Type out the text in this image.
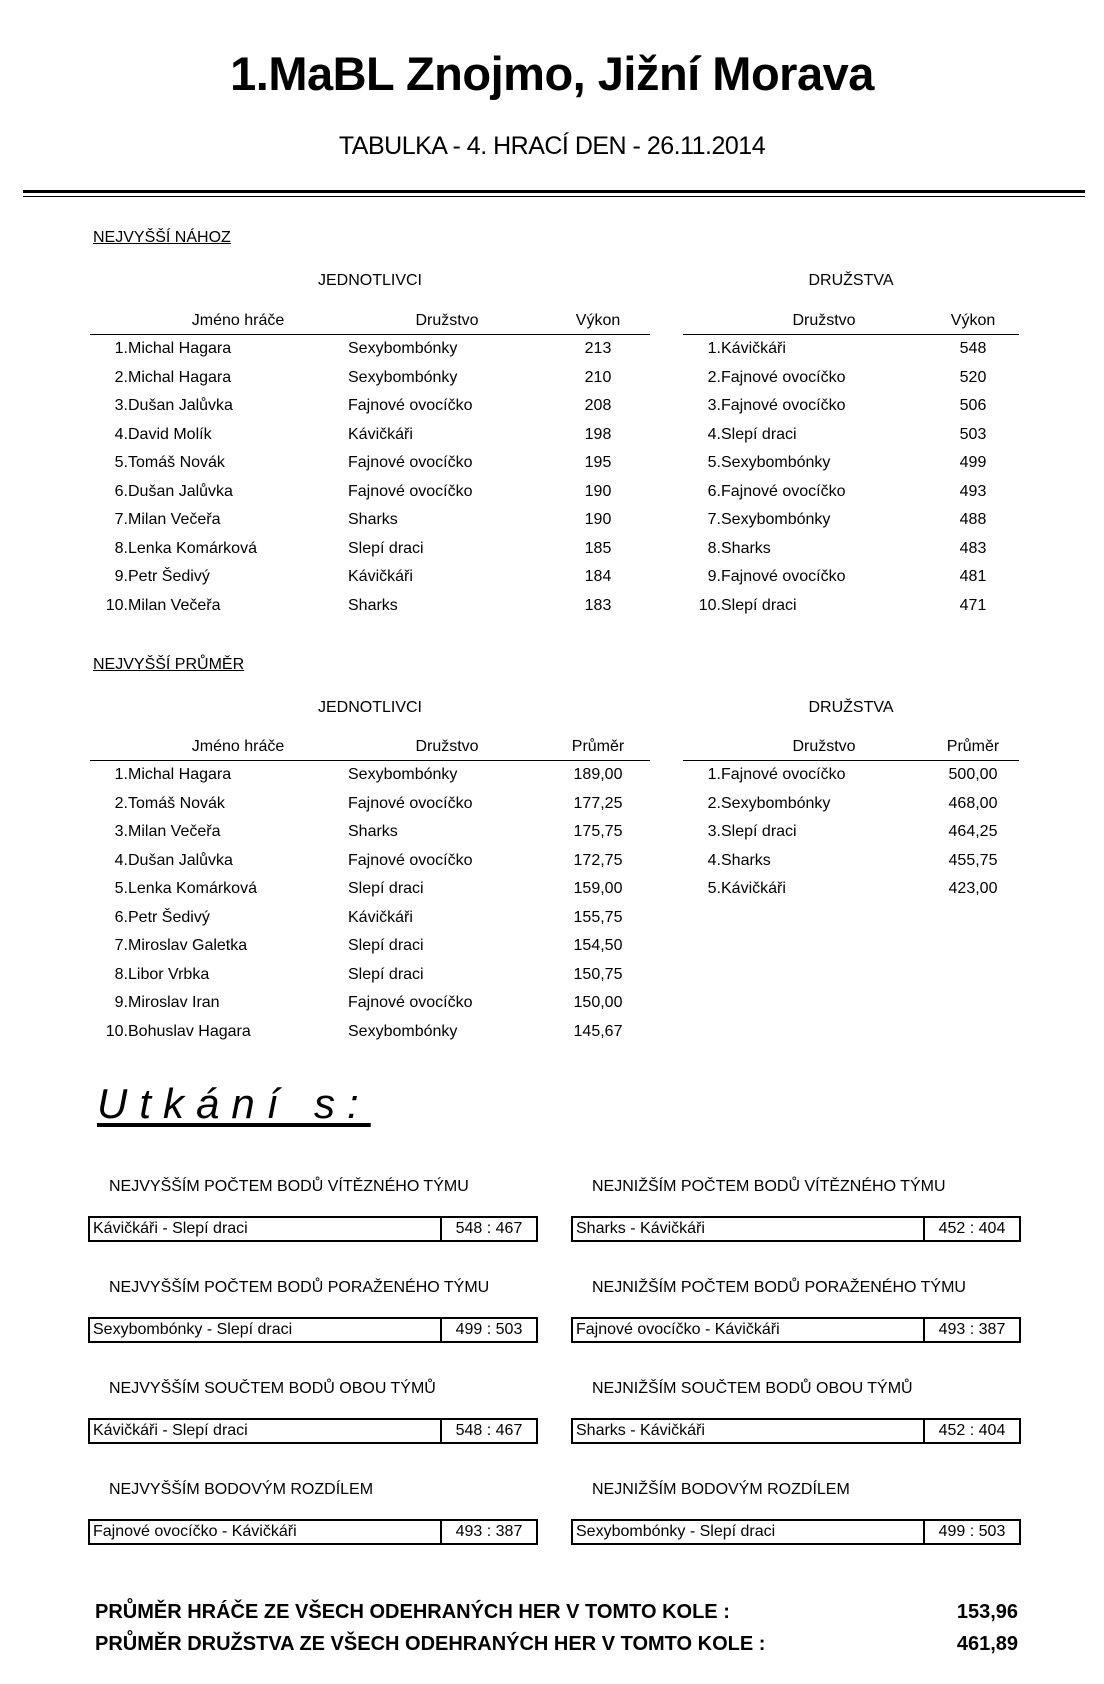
1.MaBL Znojmo, Jižní Morava
TABULKA - 4. HRACÍ DEN - 26.11.2014
NEJVYŠŠÍ NÁHOZ
JEDNOTLIVCI	DRUŽSTVA
	Jméno hráče	Družstvo	Výkon
1.	Michal Hagara	Sexybombónky	213
2.	Michal Hagara	Sexybombónky	210
3.	Dušan Jalůvka	Fajnové ovocíčko	208
4.	David Molík	Kávičkáři	198
5.	Tomáš Novák	Fajnové ovocíčko	195
6.	Dušan Jalůvka	Fajnové ovocíčko	190
7.	Milan Večeřa	Sharks	190
8.	Lenka Komárková	Slepí draci	185
9.	Petr Šedivý	Kávičkáři	184
10.	Milan Večeřa	Sharks	183
	Družstvo	Výkon
1.	Kávičkáři	548
2.	Fajnové ovocíčko	520
3.	Fajnové ovocíčko	506
4.	Slepí draci	503
5.	Sexybombónky	499
6.	Fajnové ovocíčko	493
7.	Sexybombónky	488
8.	Sharks	483
9.	Fajnové ovocíčko	481
10.	Slepí draci	471
NEJVYŠŠÍ PRŮMĚR
JEDNOTLIVCI	DRUŽSTVA
	Jméno hráče	Družstvo	Průměr
1.	Michal Hagara	Sexybombónky	189,00
2.	Tomáš Novák	Fajnové ovocíčko	177,25
3.	Milan Večeřa	Sharks	175,75
4.	Dušan Jalůvka	Fajnové ovocíčko	172,75
5.	Lenka Komárková	Slepí draci	159,00
6.	Petr Šedivý	Kávičkáři	155,75
7.	Miroslav Galetka	Slepí draci	154,50
8.	Libor Vrbka	Slepí draci	150,75
9.	Miroslav Iran	Fajnové ovocíčko	150,00
10.	Bohuslav Hagara	Sexybombónky	145,67
	Družstvo	Průměr
1.	Fajnové ovocíčko	500,00
2.	Sexybombónky	468,00
3.	Slepí draci	464,25
4.	Sharks	455,75
5.	Kávičkáři	423,00
Utkání s:
NEJVYŠŠÍM POČTEM BODŮ VÍTĚZNÉHO TÝMU
Kávičkáři - Slepí draci	548 : 467
NEJNIŽŠÍM POČTEM BODŮ VÍTĚZNÉHO TÝMU
Sharks - Kávičkáři	452 : 404
NEJVYŠŠÍM POČTEM BODŮ PORAŽENÉHO TÝMU
Sexybombónky - Slepí draci	499 : 503
NEJNIŽŠÍM POČTEM BODŮ PORAŽENÉHO TÝMU
Fajnové ovocíčko - Kávičkáři	493 : 387
NEJVYŠŠÍM SOUČTEM BODŮ OBOU TÝMŮ
Kávičkáři - Slepí draci	548 : 467
NEJNIŽŠÍM SOUČTEM BODŮ OBOU TÝMŮ
Sharks - Kávičkáři	452 : 404
NEJVYŠŠÍM BODOVÝM ROZDÍLEM
Fajnové ovocíčko - Kávičkáři	493 : 387
NEJNIŽŠÍM BODOVÝM ROZDÍLEM
Sexybombónky - Slepí draci	499 : 503
PRŮMĚR HRÁČE ZE VŠECH ODEHRANÝCH HER V TOMTO KOLE :	153,96
PRŮMĚR DRUŽSTVA ZE VŠECH ODEHRANÝCH HER V TOMTO KOLE :	461,89
